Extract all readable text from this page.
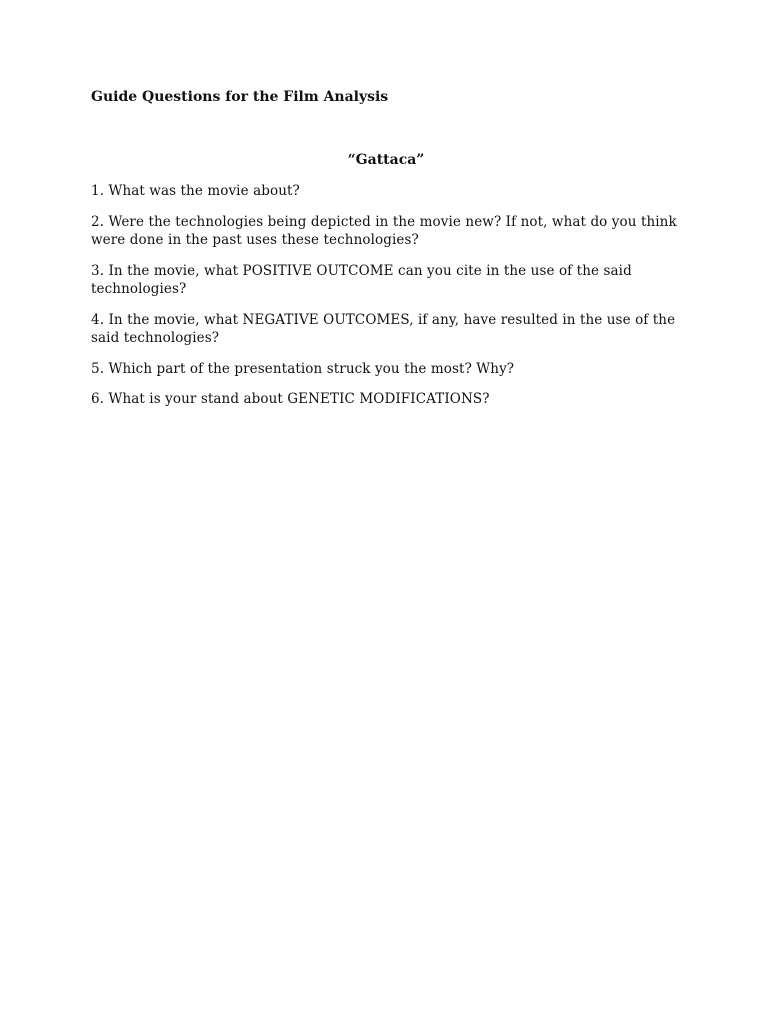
Guide Questions for the Film Analysis
“Gattaca”
1. What was the movie about?
2. Were the technologies being depicted in the movie new? If not, what do you think were done in the past uses these technologies?
3. In the movie, what POSITIVE OUTCOME can you cite in the use of the said technologies?
4. In the movie, what NEGATIVE OUTCOMES, if any, have resulted in the use of the said technologies?
5. Which part of the presentation struck you the most? Why?
6. What is your stand about GENETIC MODIFICATIONS?
